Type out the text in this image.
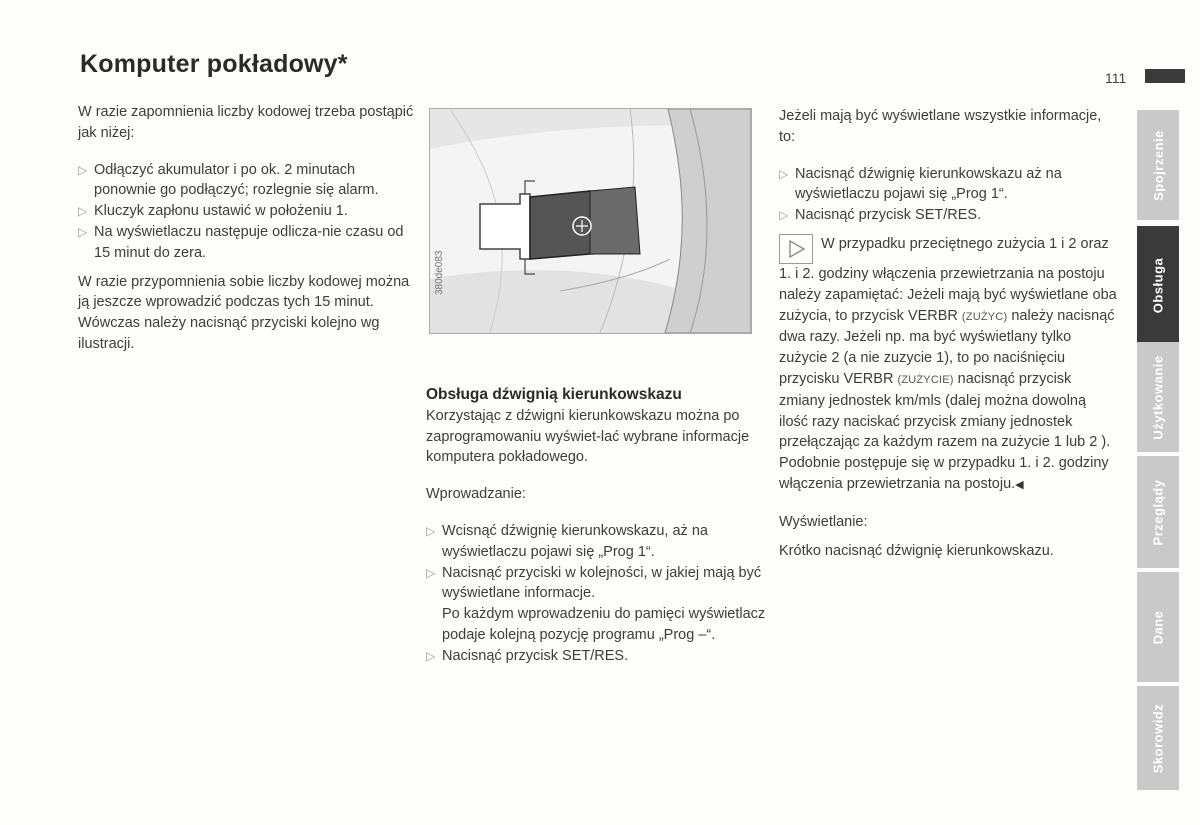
Komputer pokładowy*	111

W razie zapomnienia liczby kodowej trzeba postąpić jak niżej:

▷ Odłączyć akumulator i po ok. 2 minutach ponownie go podłączyć; rozlegnie się alarm.

▷ Kluczyk zapłonu ustawić w położeniu 1.

▷ Na wyświetlaczu następuje odlicza-nie czasu od 15 minut do zera.

W razie przypomnienia sobie liczby kodowej można ją jeszcze wprowadzić podczas tych 15 minut. Wówczas należy nacisnąć przyciski kolejno wg ilustracji.

380de083

Obsługa dźwignią kierunkowskazu

Korzystając z dźwigni kierunkowskazu można po zaprogramowaniu wyświet-lać wybrane informacje komputera pokładowego.

Wprowadzanie:

▷ Wcisnąć dźwignię kierunkowskazu, aż na wyświetlaczu pojawi się „Prog 1“.

▷ Nacisnąć przyciski w kolejności, w jakiej mają być wyświetlane informacje.

Po każdym wprowadzeniu do pamięci wyświetlacz podaje kolejną pozycję programu „Prog –“.

▷ Nacisnąć przycisk SET/RES.

Jeżeli mają być wyświetlane wszystkie informacje, to:

▷ Nacisnąć dźwignię kierunkowskazu aż na wyświetlaczu pojawi się „Prog 1“.

▷ Nacisnąć przycisk SET/RES.

W przypadku przeciętnego zużycia 1 i 2 oraz 1. i 2. godziny włączenia przewietrzania na postoju należy zapamiętać: Jeżeli mają być wyświetlane oba zużycia, to przycisk VERBR (ZUŻYC) należy nacisnąć dwa razy. Jeżeli np. ma być wyświetlany tylko zużycie 2 (a nie zuzycie 1), to po naciśnięciu przycisku VERBR (ZUŻYCIE) nacisnąć przycisk zmiany jednostek km/mls (dalej można dowolną ilość razy naciskać przycisk zmiany jednostek przełączając za każdym razem na zużycie 1 lub 2 ). Podobnie postępuje się w przypadku 1. i 2. godziny włączenia przewietrzania na postoju.◀

Wyświetlanie:

Krótko nacisnąć dźwignię kierunkowskazu.

Spojrzenie
Obsługa
Użytkowanie
Przeglądy
Dane
Skorowidz
